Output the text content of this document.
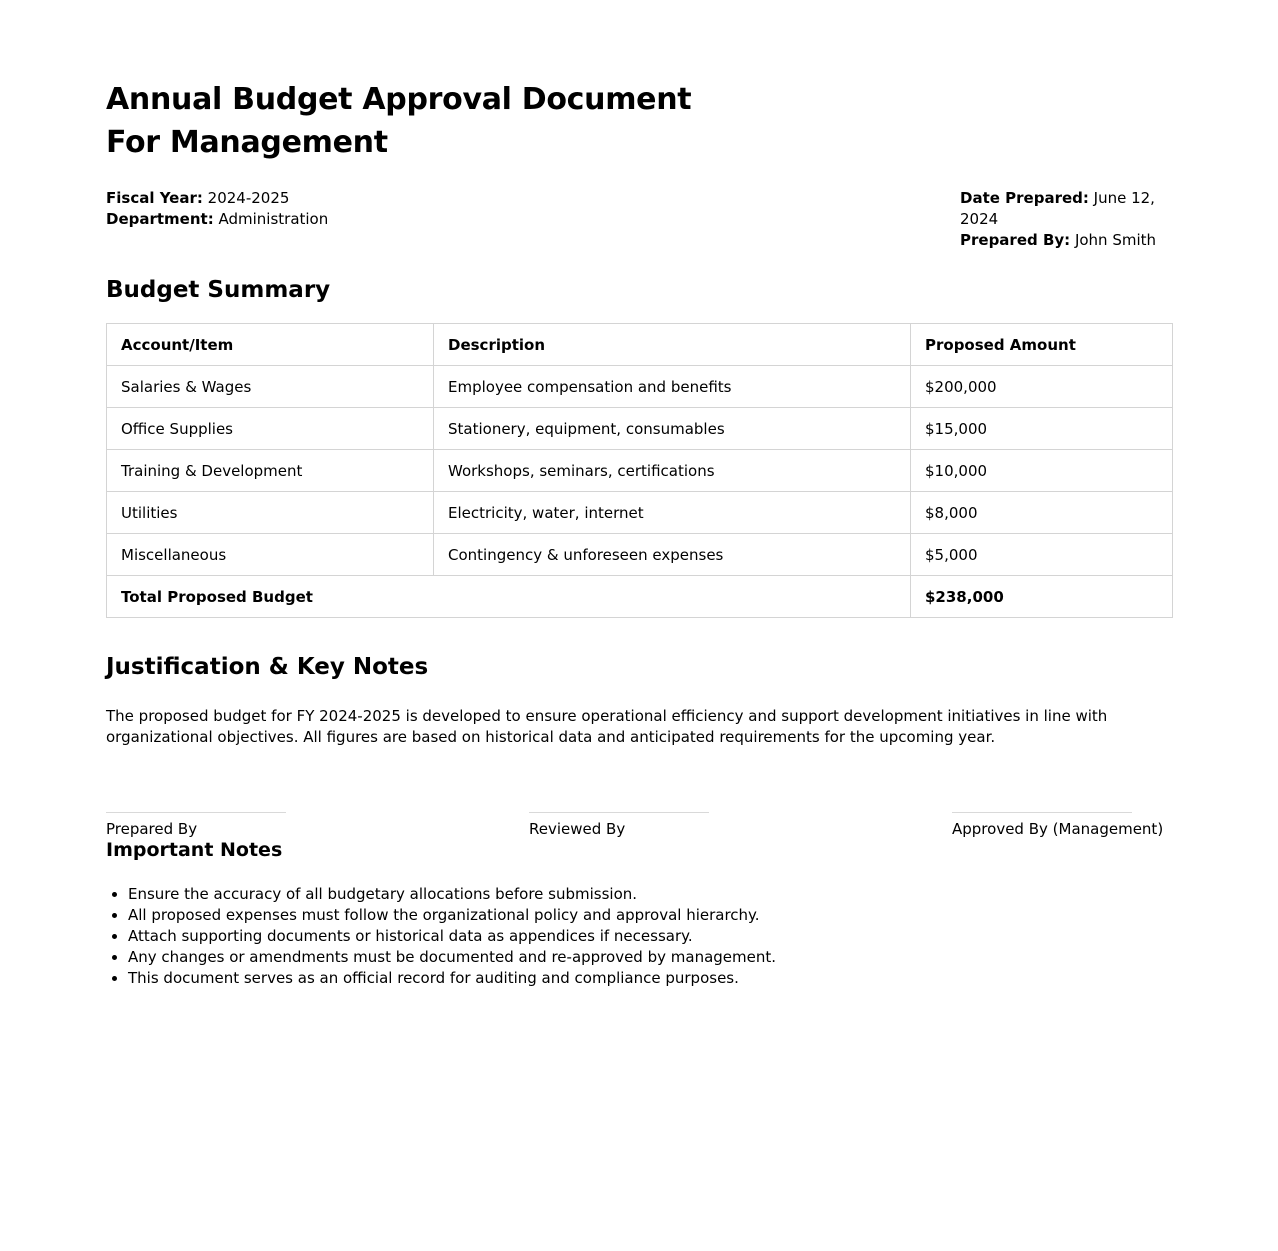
Annual Budget Approval Document
For Management
Fiscal Year: 2024-2025
Department: Administration
Date Prepared: June 12, 2024
Prepared By: John Smith
Budget Summary
Account/Item	Description	Proposed Amount
Salaries & Wages	Employee compensation and benefits	$200,000
Office Supplies	Stationery, equipment, consumables	$15,000
Training & Development	Workshops, seminars, certifications	$10,000
Utilities	Electricity, water, internet	$8,000
Miscellaneous	Contingency & unforeseen expenses	$5,000
Total Proposed Budget		$238,000
Justification & Key Notes

The proposed budget for FY 2024-2025 is developed to ensure operational efficiency and support development initiatives in line with organizational objectives. All figures are based on historical data and anticipated requirements for the upcoming year.

Prepared By	Reviewed By	Approved By (Management)
Important Notes
• Ensure the accuracy of all budgetary allocations before submission.
• All proposed expenses must follow the organizational policy and approval hierarchy.
• Attach supporting documents or historical data as appendices if necessary.
• Any changes or amendments must be documented and re-approved by management.
• This document serves as an official record for auditing and compliance purposes.
